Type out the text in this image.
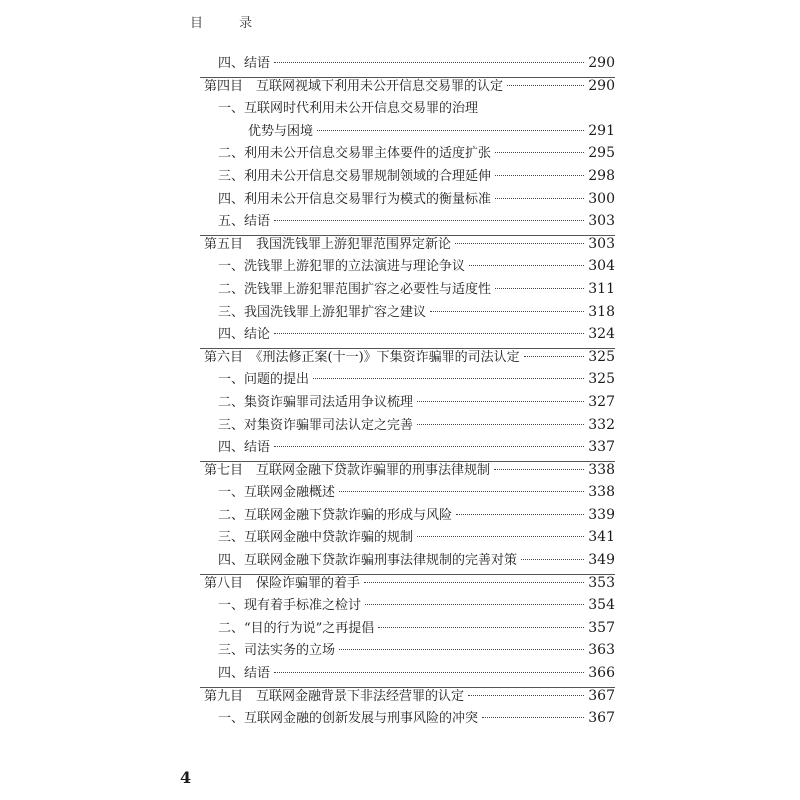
目 录
四、结语	290
第四目　互联网视域下利用未公开信息交易罪的认定	290
一、互联网时代利用未公开信息交易罪的治理
优势与困境	291
二、利用未公开信息交易罪主体要件的适度扩张	295
三、利用未公开信息交易罪规制领域的合理延伸	298
四、利用未公开信息交易罪行为模式的衡量标准	300
五、结语	303
第五目　我国洗钱罪上游犯罪范围界定新论	303
一、洗钱罪上游犯罪的立法演进与理论争议	304
二、洗钱罪上游犯罪范围扩容之必要性与适度性	311
三、我国洗钱罪上游犯罪扩容之建议	318
四、结论	324
第六目　《刑法修正案(十一)》下集资诈骗罪的司法认定	325
一、问题的提出	325
二、集资诈骗罪司法适用争议梳理	327
三、对集资诈骗罪司法认定之完善	332
四、结语	337
第七目　互联网金融下贷款诈骗罪的刑事法律规制	338
一、互联网金融概述	338
二、互联网金融下贷款诈骗的形成与风险	339
三、互联网金融中贷款诈骗的规制	341
四、互联网金融下贷款诈骗刑事法律规制的完善对策	349
第八目　保险诈骗罪的着手	353
一、现有着手标准之检讨	354
二、“目的行为说”之再提倡	357
三、司法实务的立场	363
四、结语	366
第九目　互联网金融背景下非法经营罪的认定	367
一、互联网金融的创新发展与刑事风险的冲突	367
4
